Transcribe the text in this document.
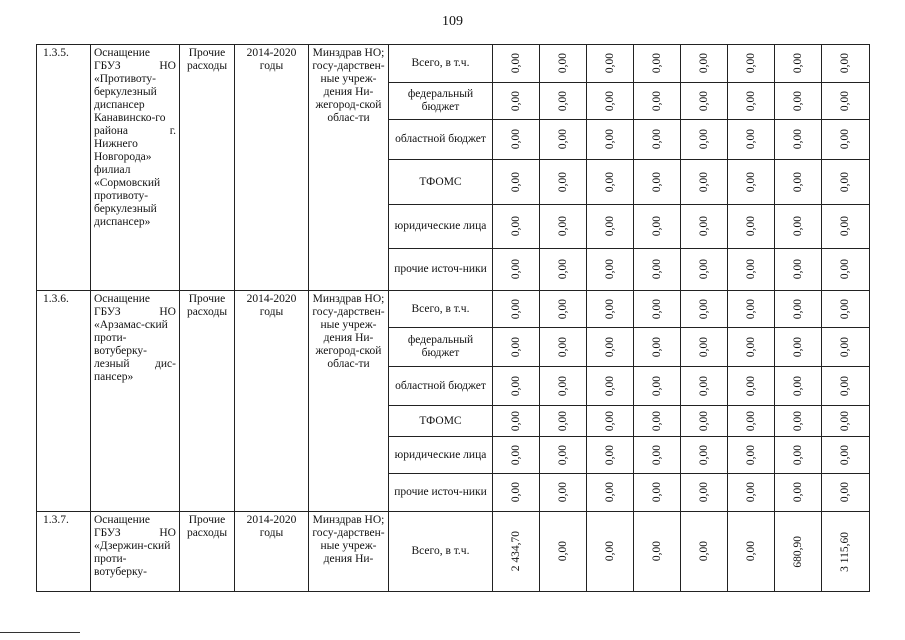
109
1.3.5.	Оснащение ГБУЗ НО «Противоту-беркулезный диспансер Канавинско-го района г. Нижнего Новгорода» филиал «Сормовский противоту-беркулезный диспансер»	Прочие расходы	2014-2020 годы	Минздрав НО; госу-дарствен-ные учреж-дения Ни-жегород-ской облас-ти	Всего, в т.ч.	0,00	0,00	0,00	0,00	0,00	0,00	0,00	0,00

					федеральный бюджет	0,00	0,00	0,00	0,00	0,00	0,00	0,00	0,00

					областной бюджет	0,00	0,00	0,00	0,00	0,00	0,00	0,00	0,00

					ТФОМС	0,00	0,00	0,00	0,00	0,00	0,00	0,00	0,00

					юридические лица	0,00	0,00	0,00	0,00	0,00	0,00	0,00	0,00

					прочие источ-ники	0,00	0,00	0,00	0,00	0,00	0,00	0,00	0,00

1.3.6.	Оснащение ГБУЗ НО «Арзамас-ский проти-вотуберку-лезный дис-пансер»	Прочие расходы	2014-2020 годы	Минздрав НО; госу-дарствен-ные учреж-дения Ни-жегород-ской облас-ти	Всего, в т.ч.	0,00	0,00	0,00	0,00	0,00	0,00	0,00	0,00

					федеральный бюджет	0,00	0,00	0,00	0,00	0,00	0,00	0,00	0,00

					областной бюджет	0,00	0,00	0,00	0,00	0,00	0,00	0,00	0,00

					ТФОМС	0,00	0,00	0,00	0,00	0,00	0,00	0,00	0,00

					юридические лица	0,00	0,00	0,00	0,00	0,00	0,00	0,00	0,00

					прочие источ-ники	0,00	0,00	0,00	0,00	0,00	0,00	0,00	0,00

1.3.7.	Оснащение ГБУЗ НО «Дзержин-ский проти-вотуберку-	Прочие расходы	2014-2020 годы	Минздрав НО; госу-дарствен-ные учреж-дения Ни-	Всего, в т.ч.	2 434,70	0,00	0,00	0,00	0,00	0,00	680,90	3 115,60
